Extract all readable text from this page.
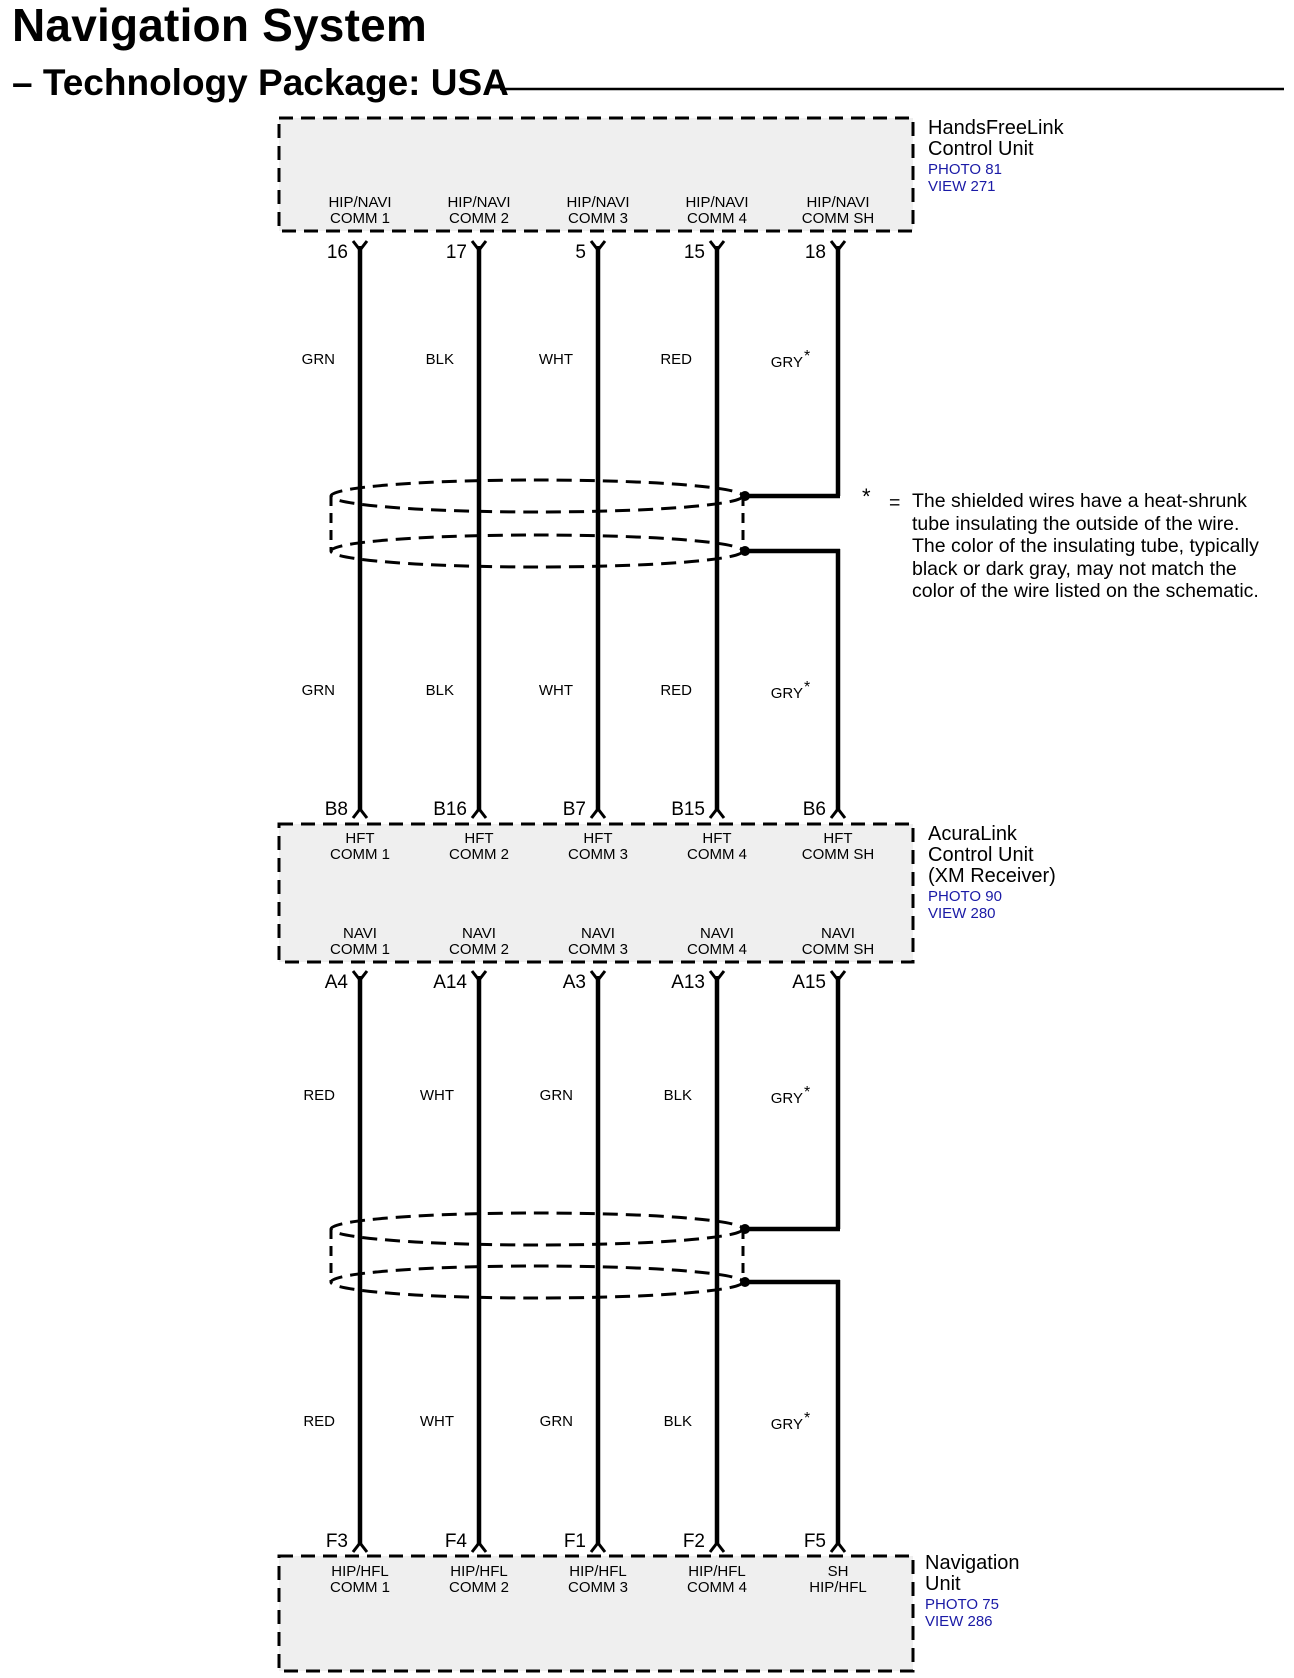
Navigation System
– Technology Package: USA
HandsFreeLink
Control Unit
PHOTO 81
VIEW 271
AcuraLink
Control Unit
(XM Receiver)
PHOTO 90
VIEW 280
Navigation
Unit
PHOTO 75
VIEW 286
HIP/NAVI
COMM 1
HIP/NAVI
COMM 2
HIP/NAVI
COMM 3
HIP/NAVI
COMM 4
HIP/NAVI
COMM SH
HFT
COMM 1
HFT
COMM 2
HFT
COMM 3
HFT
COMM 4
HFT
COMM SH
NAVI
COMM 1
NAVI
COMM 2
NAVI
COMM 3
NAVI
COMM 4
NAVI
COMM SH
HIP/HFL
COMM 1
HIP/HFL
COMM 2
HIP/HFL
COMM 3
HIP/HFL
COMM 4
SH
HIP/HFL
16	17	5	15	18
B8	B16	B7	B15	B6
A4	A14	A3	A13	A15
F3	F4	F1	F2	F5
GRN	BLK	WHT	RED	GRY *
GRN	BLK	WHT	RED	GRY *
RED	WHT	GRN	BLK	GRY *
RED	WHT	GRN	BLK	GRY *
* = The shielded wires have a heat-shrunk
tube insulating the outside of the wire.
The color of the insulating tube, typically
black or dark gray, may not match the
color of the wire listed on the schematic.
